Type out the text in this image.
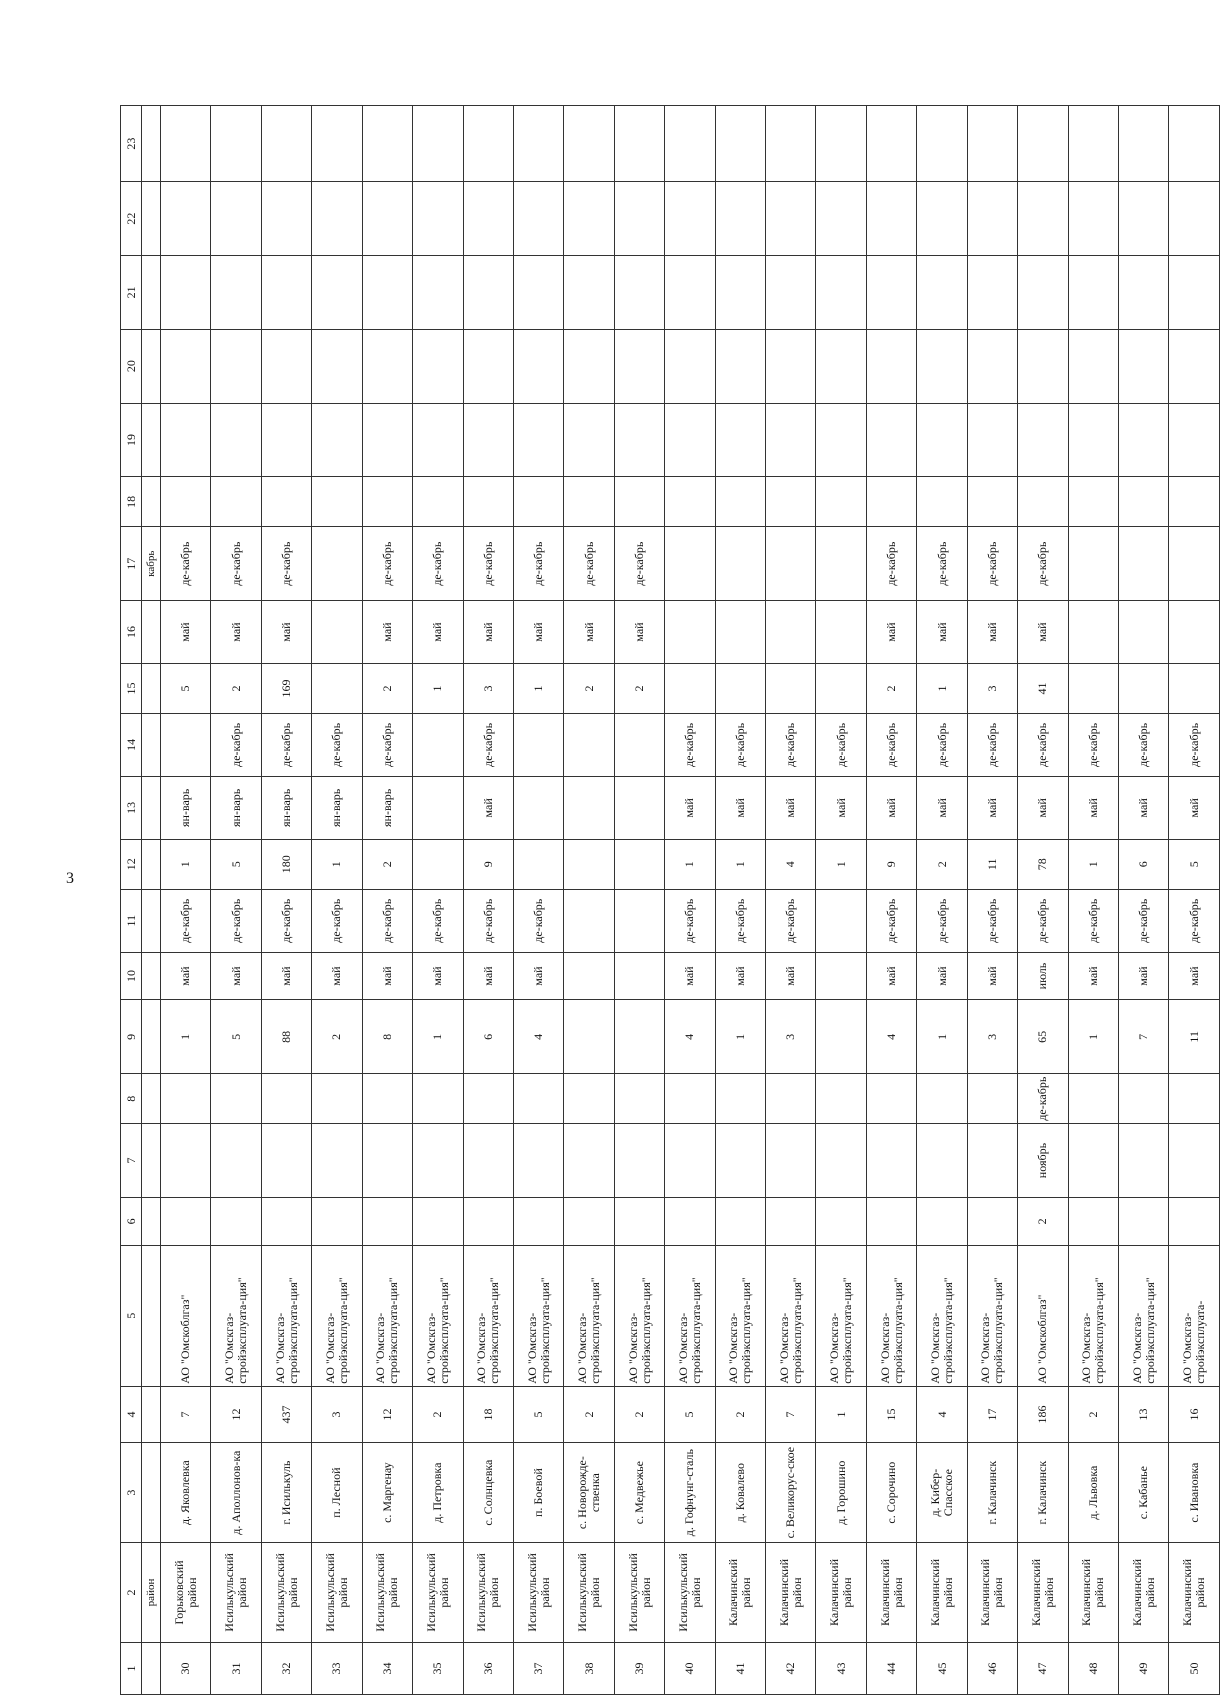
3
1	2	3	4	5	6	7	8	9	10	11	12	13	14	15	16	17	18	19	20	21	22	23
	район															кабрь						
30	Горьковский район	д. Яковлевка	7	АО "Омскоблгаз"				1	май	де-кабрь	1	ян-варь		5	май	де-кабрь						
31	Исилькульский район	д. Аполлонов-ка	12	АО "Омскгаз-стройэксплуата-ция"				5	май	де-кабрь	5	ян-варь	де-кабрь	2	май	де-кабрь						
32	Исилькульский район	г. Исилькуль	437	АО "Омскгаз-стройэксплуата-ция"				88	май	де-кабрь	180	ян-варь	де-кабрь	169	май	де-кабрь						
33	Исилькульский район	п. Лесной	3	АО "Омскгаз-стройэксплуата-ция"				2	май	де-кабрь	1	ян-варь	де-кабрь									
34	Исилькульский район	с. Маргенау	12	АО "Омскгаз-стройэксплуата-ция"				8	май	де-кабрь	2	ян-варь	де-кабрь	2	май	де-кабрь						
35	Исилькульский район	д. Петровка	2	АО "Омскгаз-стройэксплуата-ция"				1	май	де-кабрь				1	май	де-кабрь						
36	Исилькульский район	с. Солнцевка	18	АО "Омскгаз-стройэксплуата-ция"				6	май	де-кабрь	9	май	де-кабрь	3	май	де-кабрь						
37	Исилькульский район	п. Боевой	5	АО "Омскгаз-стройэксплуата-ция"				4	май	де-кабрь				1	май	де-кабрь						
38	Исилькульский район	с. Новорожде-ственка	2	АО "Омскгаз-стройэксплуата-ция"										2	май	де-кабрь						
39	Исилькульский район	с. Медвежье	2	АО "Омскгаз-стройэксплуата-ция"										2	май	де-кабрь						
40	Исилькульский район	д. Гофнунг-сталь	5	АО "Омскгаз-стройэксплуата-ция"				4	май	де-кабрь	1	май	де-кабрь									
41	Калачинский район	д. Ковалево	2	АО "Омскгаз-стройэксплуата-ция"				1	май	де-кабрь	1	май	де-кабрь									
42	Калачинский район	с. Великорус-ское	7	АО "Омскгаз-стройэксплуата-ция"				3	май	де-кабрь	4	май	де-кабрь									
43	Калачинский район	д. Горошино	1	АО "Омскгаз-стройэксплуата-ция"							1	май	де-кабрь									
44	Калачинский район	с. Сорочино	15	АО "Омскгаз-стройэксплуата-ция"				4	май	де-кабрь	9	май	де-кабрь	2	май	де-кабрь						
45	Калачинский район	д. Кибер-Спасское	4	АО "Омскгаз-стройэксплуата-ция"				1	май	де-кабрь	2	май	де-кабрь	1	май	де-кабрь						
46	Калачинский район	г. Калачинск	17	АО "Омскгаз-стройэксплуата-ция"				3	май	де-кабрь	11	май	де-кабрь	3	май	де-кабрь						
47	Калачинский район	г. Калачинск	186	АО "Омскоблгаз"	2	ноябрь	де-кабрь	65	июль	де-кабрь	78	май	де-кабрь	41	май	де-кабрь						
48	Калачинский район	д. Львовка	2	АО "Омскгаз-стройэксплуата-ция"				1	май	де-кабрь	1	май	де-кабрь									
49	Калачинский район	с. Кабанье	13	АО "Омскгаз-стройэксплуата-ция"				7	май	де-кабрь	6	май	де-кабрь									
50	Калачинский район	с. Ивановка	16	АО "Омскгаз-стройэксплуата-				11	май	де-кабрь	5	май	де-кабрь									
